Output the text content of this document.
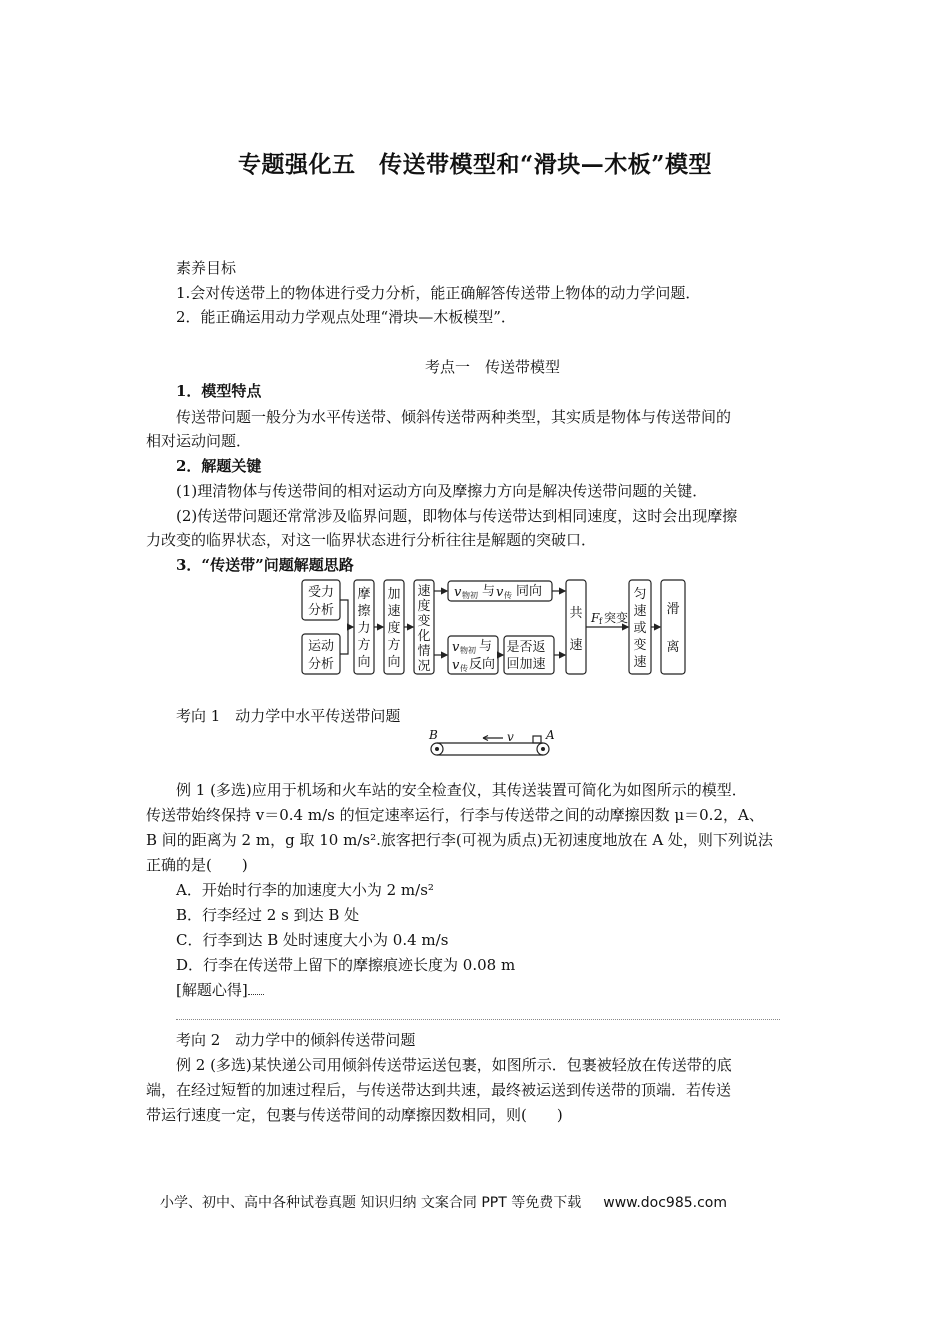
专题强化五　传送带模型和“滑块—木板”模型
素养目标
1.会对传送带上的物体进行受力分析，能正确解答传送带上物体的动力学问题．
2．能正确运用动力学观点处理“滑块—木板模型”．
考点一　传送带模型
1．模型特点
传送带问题一般分为水平传送带、倾斜传送带两种类型，其实质是物体与传送带间的
相对运动问题．
2．解题关键
(1)理清物体与传送带间的相对运动方向及摩擦力方向是解决传送带问题的关键．
(2)传送带问题还常常涉及临界问题，即物体与传送带达到相同速度，这时会出现摩擦
力改变的临界状态，对这一临界状态进行分析往往是解题的突破口．
3．“传送带”问题解题思路
受力
分析
运动
分析
摩
擦
力
方
向
加
速
度
方
向
速
度
变
化
情
况
共
速
匀
速
或
变
速
滑
离
是否返
回加速
v 物初 与 v 传 同向
v 物初 与
v 传 反向
F f 突变
考向 1　动力学中水平传送带问题
B	A
v
例 1 (多选)应用于机场和火车站的安全检查仪，其传送装置可简化为如图所示的模型．
传送带始终保持 v＝0.4 m/s 的恒定速率运行，行李与传送带之间的动摩擦因数 μ＝0.2，A、
B 间的距离为 2 m，g 取 10 m/s².旅客把行李(可视为质点)无初速度地放在 A 处，则下列说法
正确的是(　　)
A．开始时行李的加速度大小为 2 m/s²
B．行李经过 2 s 到达 B 处
C．行李到达 B 处时速度大小为 0.4 m/s
D．行李在传送带上留下的摩擦痕迹长度为 0.08 m
[解题心得]
考向 2　动力学中的倾斜传送带问题
例 2 (多选)某快递公司用倾斜传送带运送包裹，如图所示．包裹被轻放在传送带的底
端，在经过短暂的加速过程后，与传送带达到共速，最终被运送到传送带的顶端．若传送
带运行速度一定，包裹与传送带间的动摩擦因数相同，则(　　)
小学、初中、高中各种试卷真题 知识归纳 文案合同 PPT 等免费下载 www.doc985.com
